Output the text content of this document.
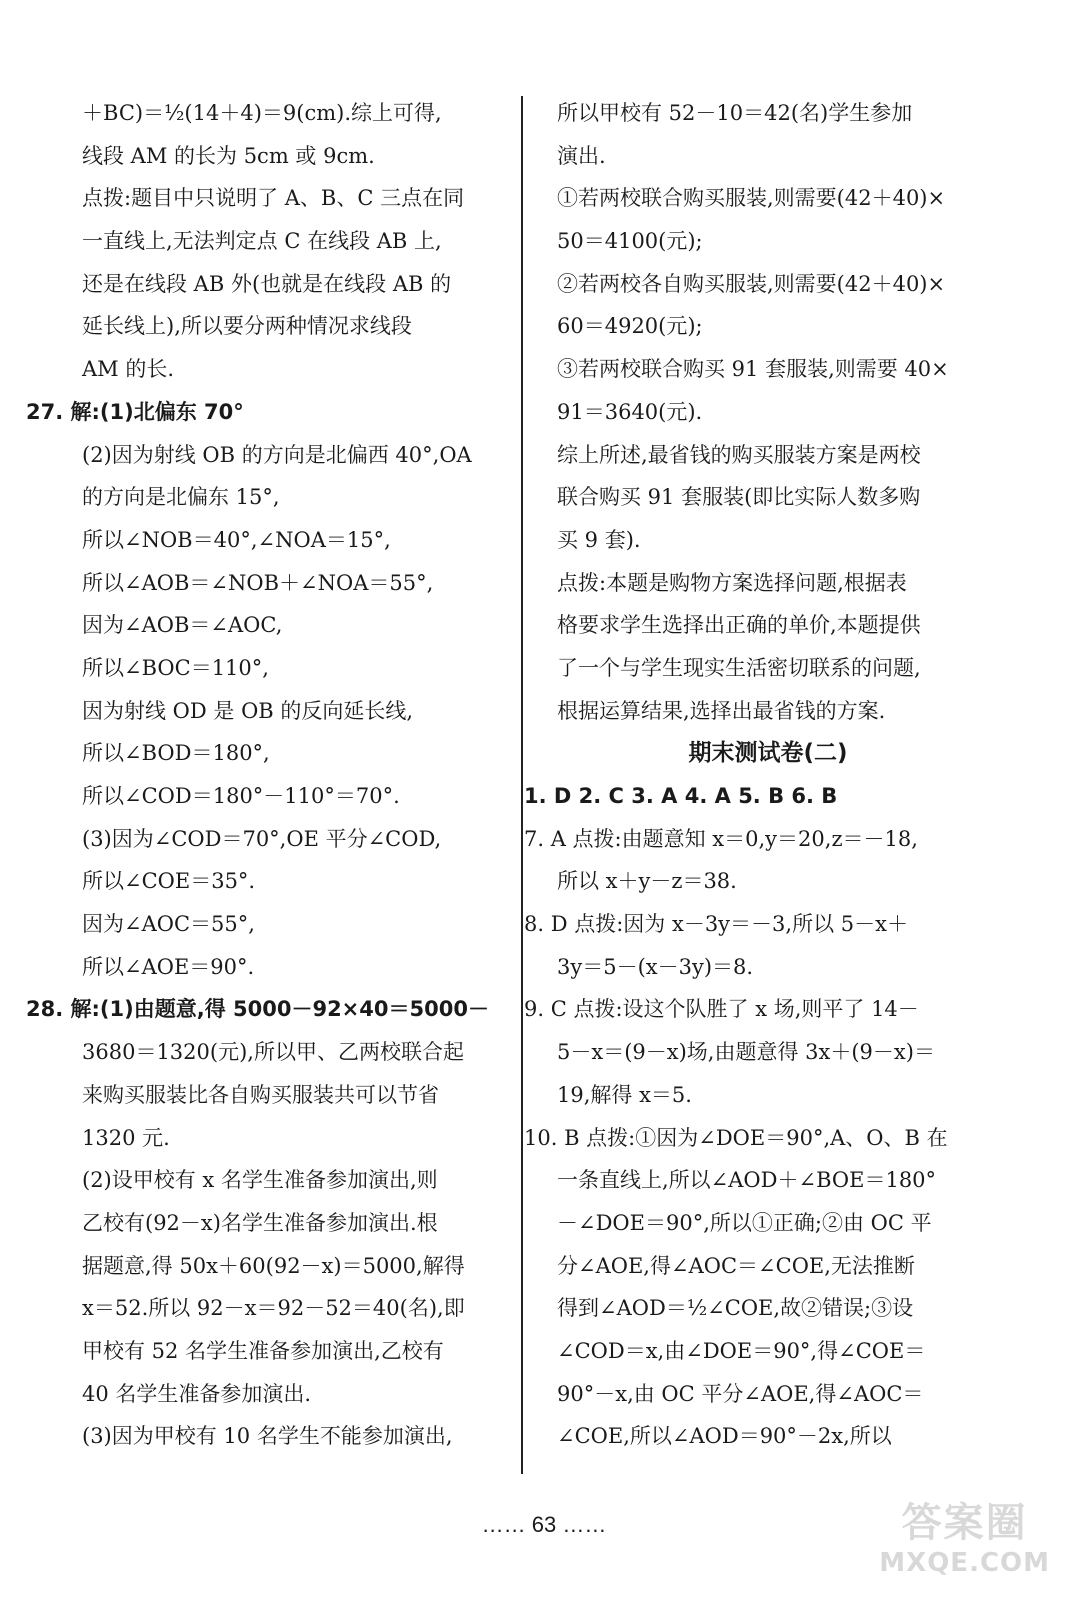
＋BC)＝½(14＋4)＝9(cm).综上可得,
线段 AM 的长为 5cm 或 9cm.
点拨:题目中只说明了 A、B、C 三点在同
一直线上,无法判定点 C 在线段 AB 上,
还是在线段 AB 外(也就是在线段 AB 的
延长线上),所以要分两种情况求线段
AM 的长.
27. 解:(1)北偏东 70°
(2)因为射线 OB 的方向是北偏西 40°,OA
的方向是北偏东 15°,
所以∠NOB＝40°,∠NOA＝15°,
所以∠AOB＝∠NOB＋∠NOA＝55°,
因为∠AOB＝∠AOC,
所以∠BOC＝110°,
因为射线 OD 是 OB 的反向延长线,
所以∠BOD＝180°,
所以∠COD＝180°－110°＝70°.
(3)因为∠COD＝70°,OE 平分∠COD,
所以∠COE＝35°.
因为∠AOC＝55°,
所以∠AOE＝90°.
28. 解:(1)由题意,得 5000－92×40＝5000－
3680＝1320(元),所以甲、乙两校联合起
来购买服装比各自购买服装共可以节省
1320 元.
(2)设甲校有 x 名学生准备参加演出,则
乙校有(92－x)名学生准备参加演出.根
据题意,得 50x＋60(92－x)＝5000,解得
x＝52.所以 92－x＝92－52＝40(名),即
甲校有 52 名学生准备参加演出,乙校有
40 名学生准备参加演出.
(3)因为甲校有 10 名学生不能参加演出,
所以甲校有 52－10＝42(名)学生参加
演出.
①若两校联合购买服装,则需要(42＋40)×
50＝4100(元);
②若两校各自购买服装,则需要(42＋40)×
60＝4920(元);
③若两校联合购买 91 套服装,则需要 40×
91＝3640(元).
综上所述,最省钱的购买服装方案是两校
联合购买 91 套服装(即比实际人数多购
买 9 套).
点拨:本题是购物方案选择问题,根据表
格要求学生选择出正确的单价,本题提供
了一个与学生现实生活密切联系的问题,
根据运算结果,选择出最省钱的方案.
期末测试卷(二)
1. D 2. C 3. A 4. A 5. B 6. B
7. A 点拨:由题意知 x＝0,y＝20,z＝－18,
所以 x＋y－z＝38.
8. D 点拨:因为 x－3y＝－3,所以 5－x＋
3y＝5－(x－3y)＝8.
9. C 点拨:设这个队胜了 x 场,则平了 14－
5－x＝(9－x)场,由题意得 3x＋(9－x)＝
19,解得 x＝5.
10. B 点拨:①因为∠DOE＝90°,A、O、B 在
一条直线上,所以∠AOD＋∠BOE＝180°
－∠DOE＝90°,所以①正确;②由 OC 平
分∠AOE,得∠AOC＝∠COE,无法推断
得到∠AOD＝½∠COE,故②错误;③设
∠COD＝x,由∠DOE＝90°,得∠COE＝
90°－x,由 OC 平分∠AOE,得∠AOC＝
∠COE,所以∠AOD＝90°－2x,所以
…… 63 ……	答案圈
MXQE.COM
